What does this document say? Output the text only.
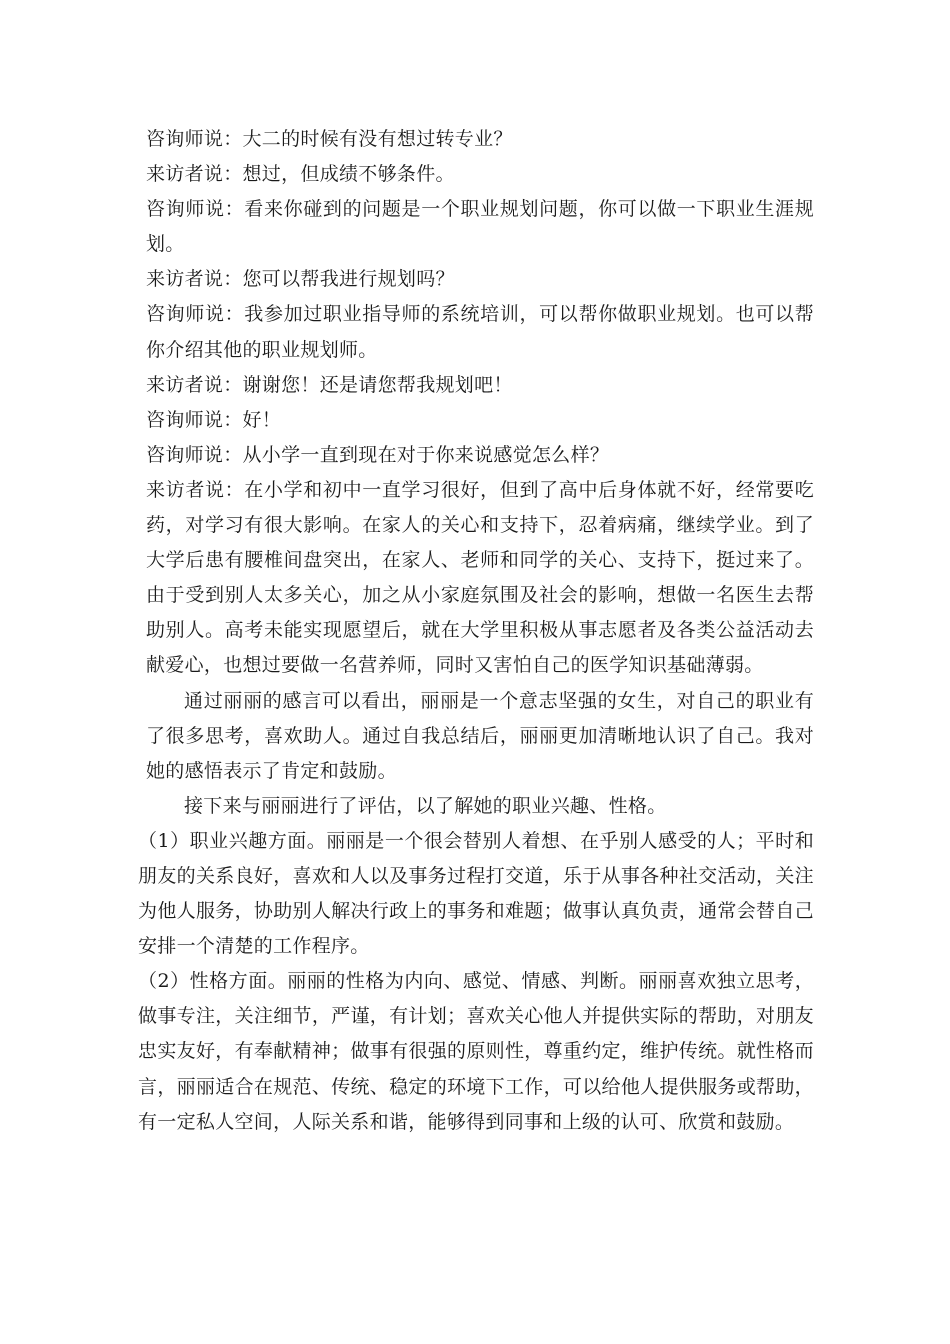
咨询师说：大二的时候有没有想过转专业？

来访者说：想过，但成绩不够条件。

咨询师说：看来你碰到的问题是一个职业规划问题，你可以做一下职业生涯规划。

来访者说：您可以帮我进行规划吗？

咨询师说：我参加过职业指导师的系统培训，可以帮你做职业规划。也可以帮你介绍其他的职业规划师。

来访者说：谢谢您！还是请您帮我规划吧！

咨询师说：好！

咨询师说：从小学一直到现在对于你来说感觉怎么样？

来访者说：在小学和初中一直学习很好，但到了高中后身体就不好，经常要吃药，对学习有很大影响。在家人的关心和支持下，忍着病痛，继续学业。到了大学后患有腰椎间盘突出，在家人、老师和同学的关心、支持下，挺过来了。由于受到别人太多关心，加之从小家庭氛围及社会的影响，想做一名医生去帮助别人。高考未能实现愿望后，就在大学里积极从事志愿者及各类公益活动去献爱心，也想过要做一名营养师，同时又害怕自己的医学知识基础薄弱。

通过丽丽的感言可以看出，丽丽是一个意志坚强的女生，对自己的职业有了很多思考，喜欢助人。通过自我总结后，丽丽更加清晰地认识了自己。我对她的感悟表示了肯定和鼓励。

接下来与丽丽进行了评估，以了解她的职业兴趣、性格。

（1）职业兴趣方面。丽丽是一个很会替别人着想、在乎别人感受的人；平时和朋友的关系良好，喜欢和人以及事务过程打交道，乐于从事各种社交活动，关注为他人服务，协助别人解决行政上的事务和难题；做事认真负责，通常会替自己安排一个清楚的工作程序。

（2）性格方面。丽丽的性格为内向、感觉、情感、判断。丽丽喜欢独立思考，做事专注，关注细节，严谨，有计划；喜欢关心他人并提供实际的帮助，对朋友忠实友好，有奉献精神；做事有很强的原则性，尊重约定，维护传统。就性格而言，丽丽适合在规范、传统、稳定的环境下工作，可以给他人提供服务或帮助，有一定私人空间，人际关系和谐，能够得到同事和上级的认可、欣赏和鼓励。
